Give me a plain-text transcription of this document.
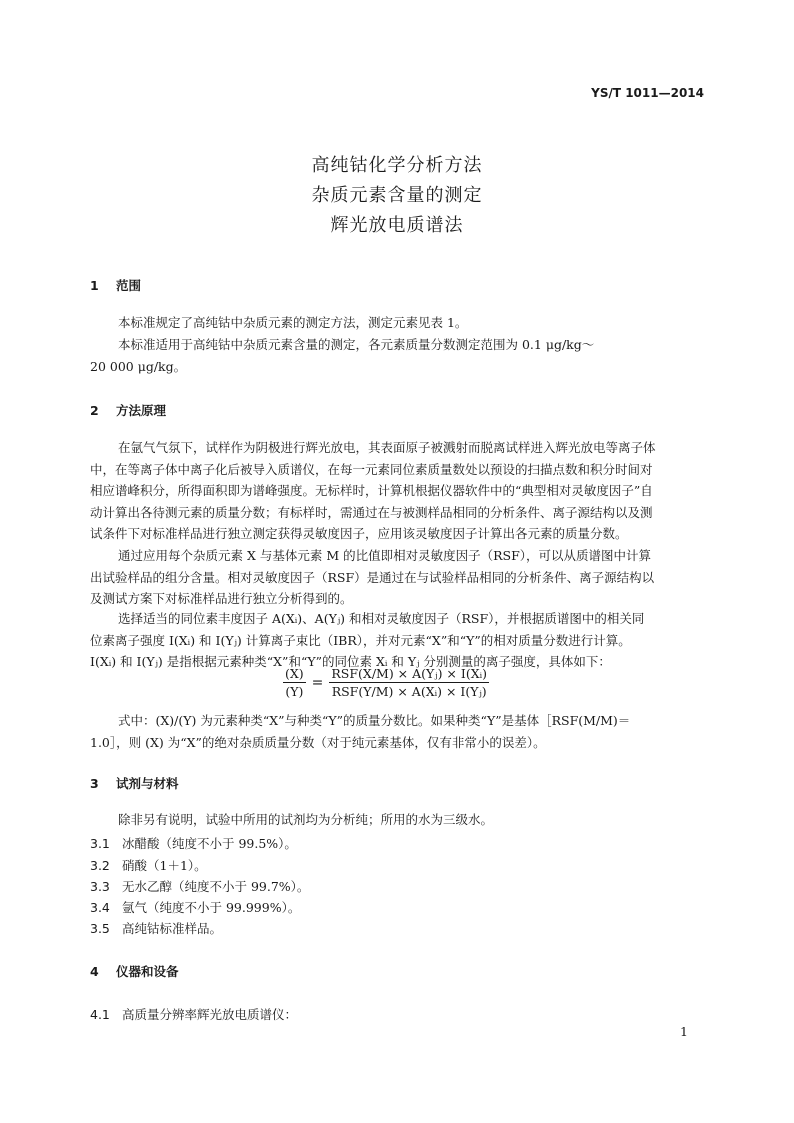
YS/T 1011—2014
高纯钴化学分析方法
杂质元素含量的测定
辉光放电质谱法
1 范围
本标准规定了高纯钴中杂质元素的测定方法，测定元素见表 1。
本标准适用于高纯钴中杂质元素含量的测定，各元素质量分数测定范围为 0.1 μg/kg～
20 000 μg/kg。
2 方法原理
在氩气气氛下，试样作为阴极进行辉光放电，其表面原子被溅射而脱离试样进入辉光放电等离子体
中，在等离子体中离子化后被导入质谱仪，在每一元素同位素质量数处以预设的扫描点数和积分时间对
相应谱峰积分，所得面积即为谱峰强度。无标样时，计算机根据仪器软件中的“典型相对灵敏度因子”自
动计算出各待测元素的质量分数；有标样时，需通过在与被测样品相同的分析条件、离子源结构以及测
试条件下对标准样品进行独立测定获得灵敏度因子，应用该灵敏度因子计算出各元素的质量分数。
通过应用每个杂质元素 X 与基体元素 M 的比值即相对灵敏度因子（RSF），可以从质谱图中计算
出试验样品的组分含量。相对灵敏度因子（RSF）是通过在与试验样品相同的分析条件、离子源结构以
及测试方案下对标准样品进行独立分析得到的。
选择适当的同位素丰度因子 A(Xᵢ)、A(Yⱼ) 和相对灵敏度因子（RSF），并根据质谱图中的相关同
位素离子强度 I(Xᵢ) 和 I(Yⱼ) 计算离子束比（IBR），并对元素“X”和“Y”的相对质量分数进行计算。
I(Xᵢ) 和 I(Yⱼ) 是指根据元素种类“X”和“Y”的同位素 Xᵢ 和 Yⱼ 分别测量的离子强度，具体如下：
$\frac{(X)}{(Y)} = \frac{\text{RSF(X/M) × A(Yⱼ) × I(Xᵢ)}}{\text{RSF(Y/M) × A(Xᵢ) × I(Yⱼ)}}$
式中：(X)/(Y) 为元素种类“X”与种类“Y”的质量分数比。如果种类“Y”是基体［RSF(M/M)＝
1.0］，则 (X) 为“X”的绝对杂质质量分数（对于纯元素基体，仅有非常小的误差）。
3 试剂与材料
除非另有说明，试验中所用的试剂均为分析纯；所用的水为三级水。
3.1 冰醋酸（纯度不小于 99.5%）。
3.2 硝酸（1＋1）。
3.3 无水乙醇（纯度不小于 99.7%）。
3.4 氩气（纯度不小于 99.999%）。
3.5 高纯钴标准样品。
4 仪器和设备
4.1 高质量分辨率辉光放电质谱仪：
1
